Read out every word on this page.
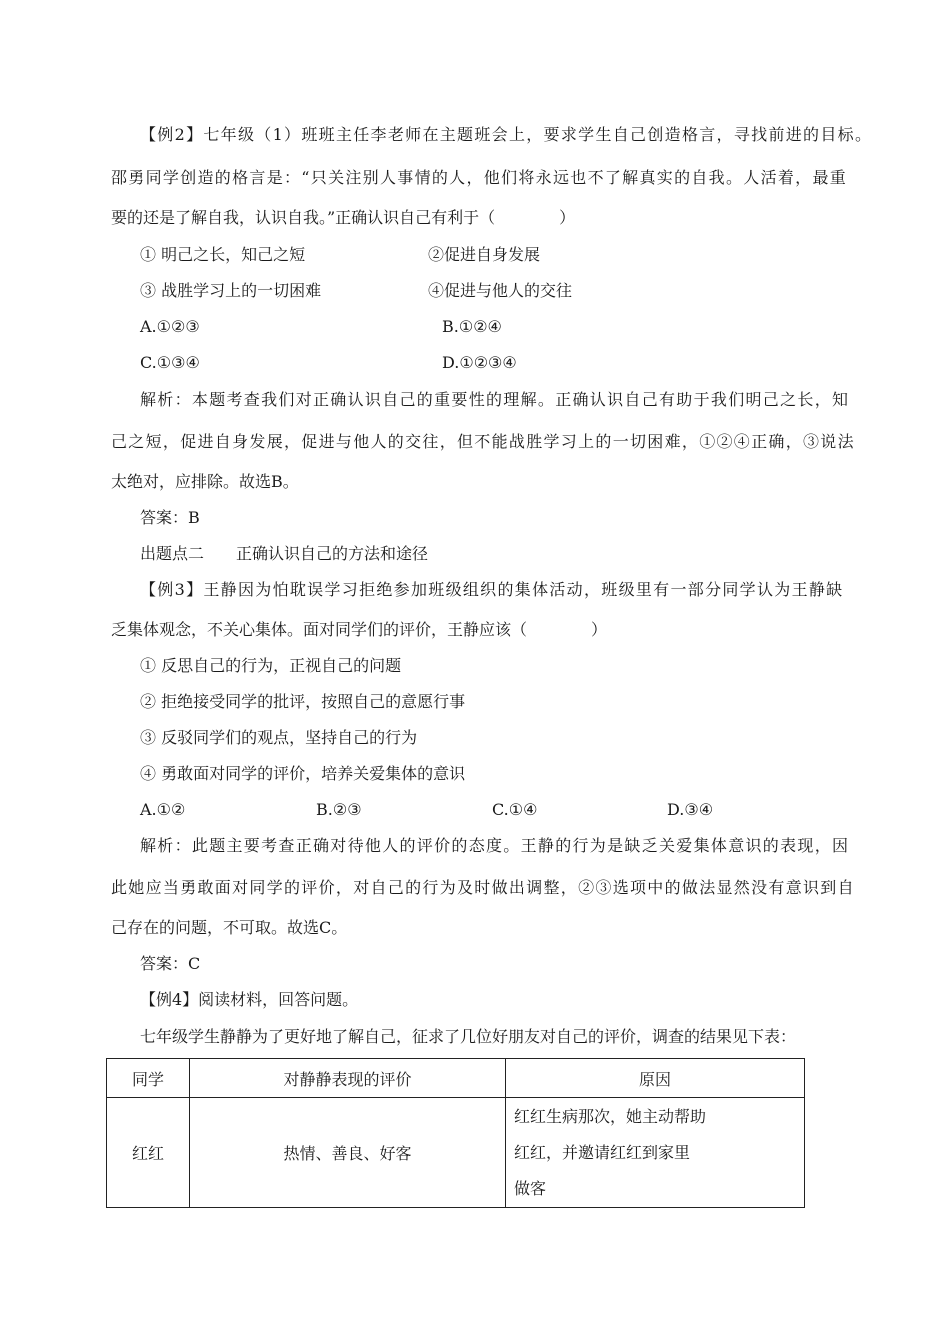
【例2】七年级（1）班班主任李老师在主题班会上，要求学生自己创造格言，寻找前进的目标。
邵勇同学创造的格言是：“只关注别人事情的人，他们将永远也不了解真实的自我。人活着，最重
要的还是了解自我，认识自我。”正确认识自己有利于（　　　　）
① 明己之长，知己之短	②促进自身发展
③ 战胜学习上的一切困难	④促进与他人的交往
A.①②③	B.①②④
C.①③④	D.①②③④
解析：本题考查我们对正确认识自己的重要性的理解。正确认识自己有助于我们明己之长，知
己之短，促进自身发展，促进与他人的交往，但不能战胜学习上的一切困难，①②④正确，③说法
太绝对，应排除。故选B。
答案：B
出题点二 正确认识自己的方法和途径
【例3】王静因为怕耽误学习拒绝参加班级组织的集体活动，班级里有一部分同学认为王静缺
乏集体观念，不关心集体。面对同学们的评价，王静应该（　　　　）
① 反思自己的行为，正视自己的问题
② 拒绝接受同学的批评，按照自己的意愿行事
③ 反驳同学们的观点，坚持自己的行为
④ 勇敢面对同学的评价，培养关爱集体的意识
A.①②	B.②③	C.①④	D.③④
解析：此题主要考查正确对待他人的评价的态度。王静的行为是缺乏关爱集体意识的表现，因
此她应当勇敢面对同学的评价，对自己的行为及时做出调整，②③选项中的做法显然没有意识到自
己存在的问题，不可取。故选C。
答案：C
【例4】阅读材料，回答问题。
七年级学生静静为了更好地了解自己，征求了几位好朋友对自己的评价，调查的结果见下表：
同学	对静静表现的评价	原因
红红	热情、善良、好客	红红生病那次，她主动帮助
红红，并邀请红红到家里
做客
